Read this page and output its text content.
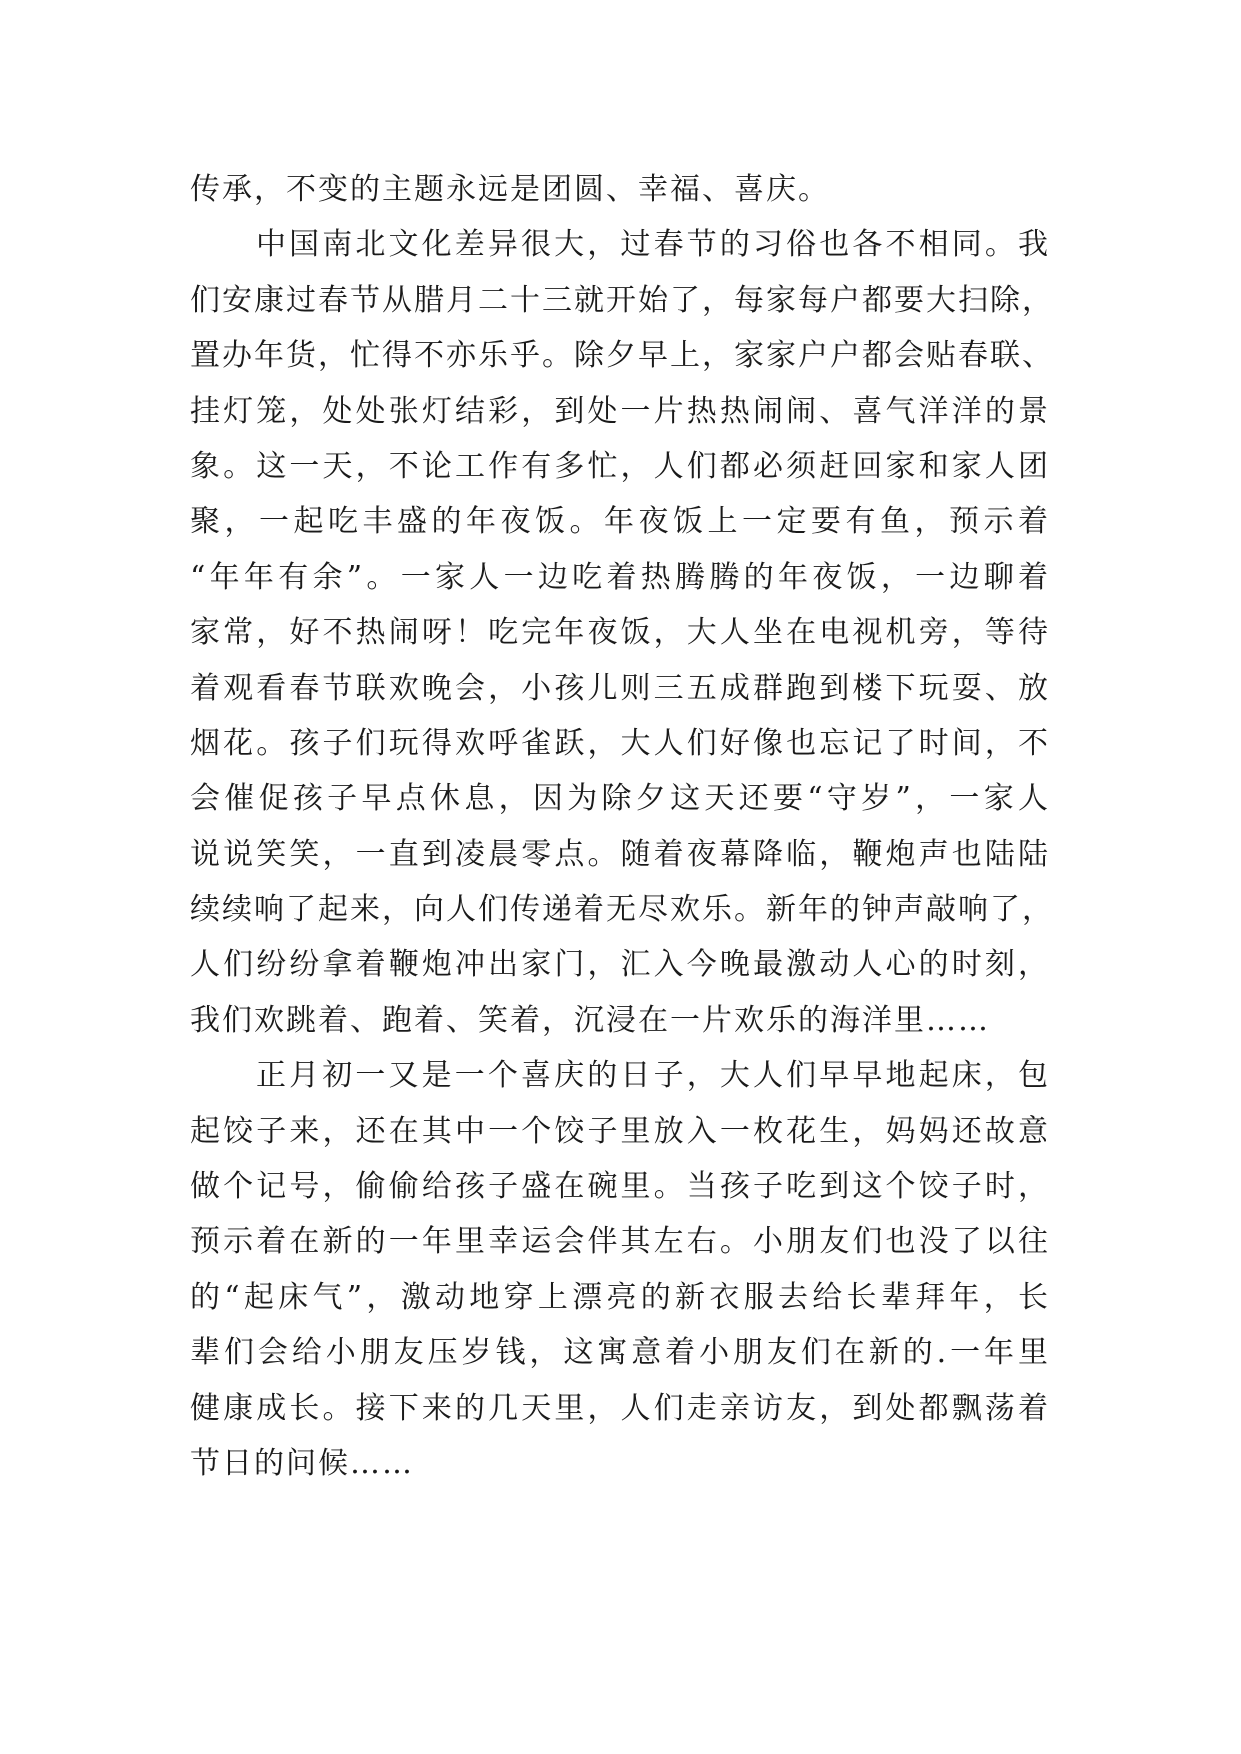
传承，不变的主题永远是团圆、幸福、喜庆。
中国南北文化差异很大，过春节的习俗也各不相同。我
们安康过春节从腊月二十三就开始了，每家每户都要大扫除，
置办年货，忙得不亦乐乎。除夕早上，家家户户都会贴春联、
挂灯笼，处处张灯结彩，到处一片热热闹闹、喜气洋洋的景
象。这一天，不论工作有多忙，人们都必须赶回家和家人团
聚，一起吃丰盛的年夜饭。年夜饭上一定要有鱼，预示着
“年年有余”。一家人一边吃着热腾腾的年夜饭，一边聊着
家常，好不热闹呀！吃完年夜饭，大人坐在电视机旁，等待
着观看春节联欢晚会，小孩儿则三五成群跑到楼下玩耍、放
烟花。孩子们玩得欢呼雀跃，大人们好像也忘记了时间，不
会催促孩子早点休息，因为除夕这天还要“守岁”，一家人
说说笑笑，一直到凌晨零点。随着夜幕降临，鞭炮声也陆陆
续续响了起来，向人们传递着无尽欢乐。新年的钟声敲响了，
人们纷纷拿着鞭炮冲出家门，汇入今晚最激动人心的时刻，
我们欢跳着、跑着、笑着，沉浸在一片欢乐的海洋里……
正月初一又是一个喜庆的日子，大人们早早地起床，包
起饺子来，还在其中一个饺子里放入一枚花生，妈妈还故意
做个记号，偷偷给孩子盛在碗里。当孩子吃到这个饺子时，
预示着在新的一年里幸运会伴其左右。小朋友们也没了以往
的“起床气”，激动地穿上漂亮的新衣服去给长辈拜年，长
辈们会给小朋友压岁钱，这寓意着小朋友们在新的.一年里
健康成长。接下来的几天里，人们走亲访友，到处都飘荡着
节日的问候……
